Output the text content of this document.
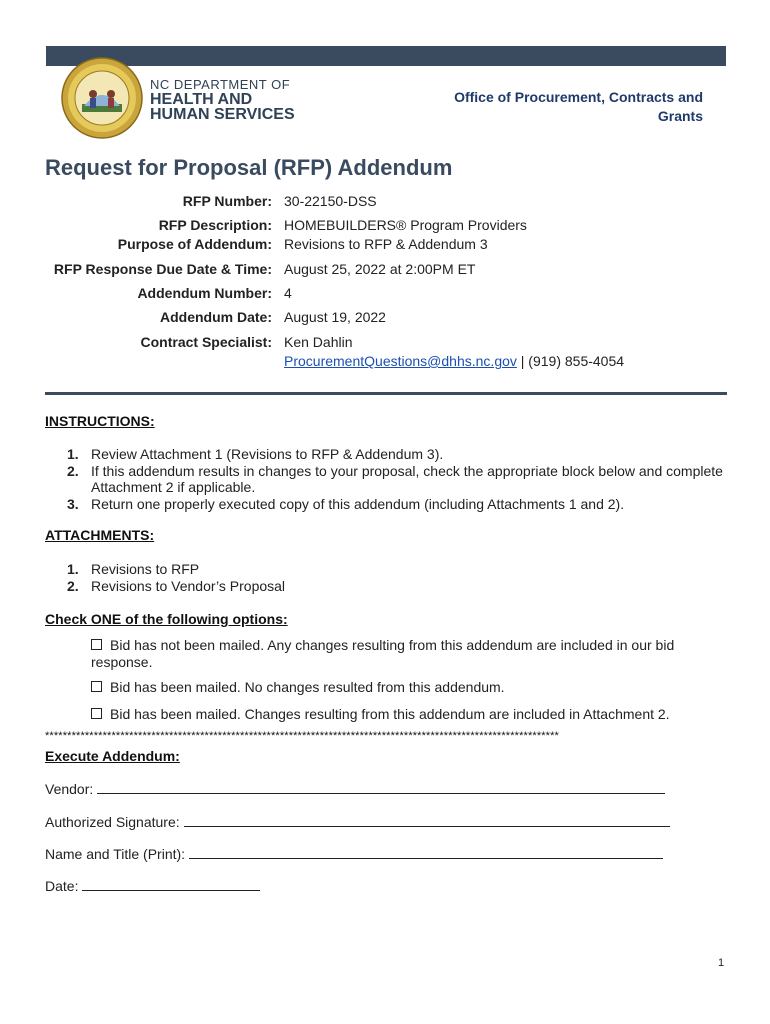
NC DEPARTMENT OF
HEALTH AND
HUMAN SERVICES
Office of Procurement, Contracts and
Grants
Request for Proposal (RFP) Addendum
RFP Number: 30-22150-DSS
RFP Description: HOMEBUILDERS® Program Providers
Purpose of Addendum: Revisions to RFP & Addendum 3
RFP Response Due Date & Time: August 25, 2022 at 2:00PM ET
Addendum Number: 4
Addendum Date: August 19, 2022
Contract Specialist: Ken Dahlin
ProcurementQuestions@dhhs.nc.gov | (919) 855-4054
INSTRUCTIONS:
1. Review Attachment 1 (Revisions to RFP & Addendum 3).
2. If this addendum results in changes to your proposal, check the appropriate block below and complete Attachment 2 if applicable.
3. Return one properly executed copy of this addendum (including Attachments 1 and 2).
ATTACHMENTS:
1. Revisions to RFP
2. Revisions to Vendor’s Proposal
Check ONE of the following options:
Bid has not been mailed. Any changes resulting from this addendum are included in our bid response.
Bid has been mailed. No changes resulted from this addendum.
Bid has been mailed. Changes resulting from this addendum are included in Attachment 2.
********************************************************************************************************************
Execute Addendum:
Vendor:
Authorized Signature:
Name and Title (Print):
Date:
1
